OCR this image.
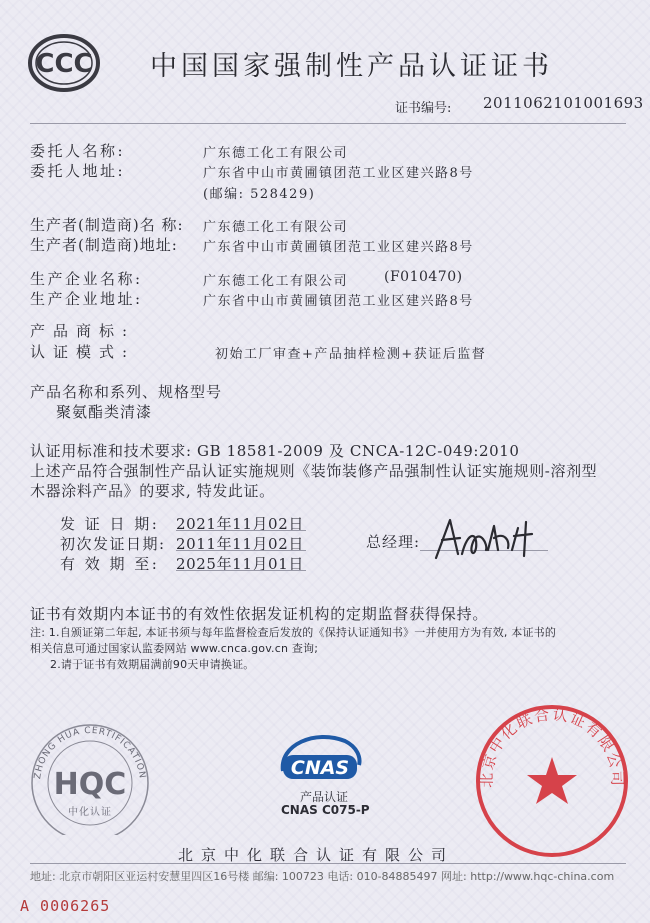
CCC 中国国家强制性产品认证证书
证书编号: 2011062101001693
委托人名称:	广东德工化工有限公司
委托人地址:	广东省中山市黄圃镇团范工业区建兴路8号
(邮编: 528429)
生产者(制造商)名 称: 广东德工化工有限公司
生产者(制造商)地址: 广东省中山市黄圃镇团范工业区建兴路8号
生产企业名称:	广东德工化工有限公司	(F010470)
生产企业地址:	广东省中山市黄圃镇团范工业区建兴路8号
产品商标:
认证模式:	初始工厂审查+产品抽样检测+获证后监督
产品名称和系列、规格型号
聚氨酯类清漆
认证用标准和技术要求: GB 18581-2009 及 CNCA-12C-049:2010
上述产品符合强制性产品认证实施规则《装饰装修产品强制性认证实施规则-溶剂型
木器涂料产品》的要求, 特发此证。
发 证 日 期: 2021年11月02日
初次发证日期: 2011年11月02日
有 效 期 至: 2025年11月01日
总经理:
证书有效期内本证书的有效性依据发证机构的定期监督获得保持。
注: 1.自颁证第二年起, 本证书须与每年监督检查后发放的《保持认证通知书》一并使用方为有效, 本证书的
相关信息可通过国家认监委网站 www.cnca.gov.cn 查询;
2.请于证书有效期届满前90天申请换证。
ZHONG HUA CERTIFICATION
HQC
中化认证
CNAS
产品认证
CNAS C075-P
北京中化联合认证有限公司
北京中化联合认证有限公司
地址: 北京市朝阳区亚运村安慧里四区16号楼 邮编: 100723 电话: 010-84885497 网址: http://www.hqc-china.com
A 0006265
